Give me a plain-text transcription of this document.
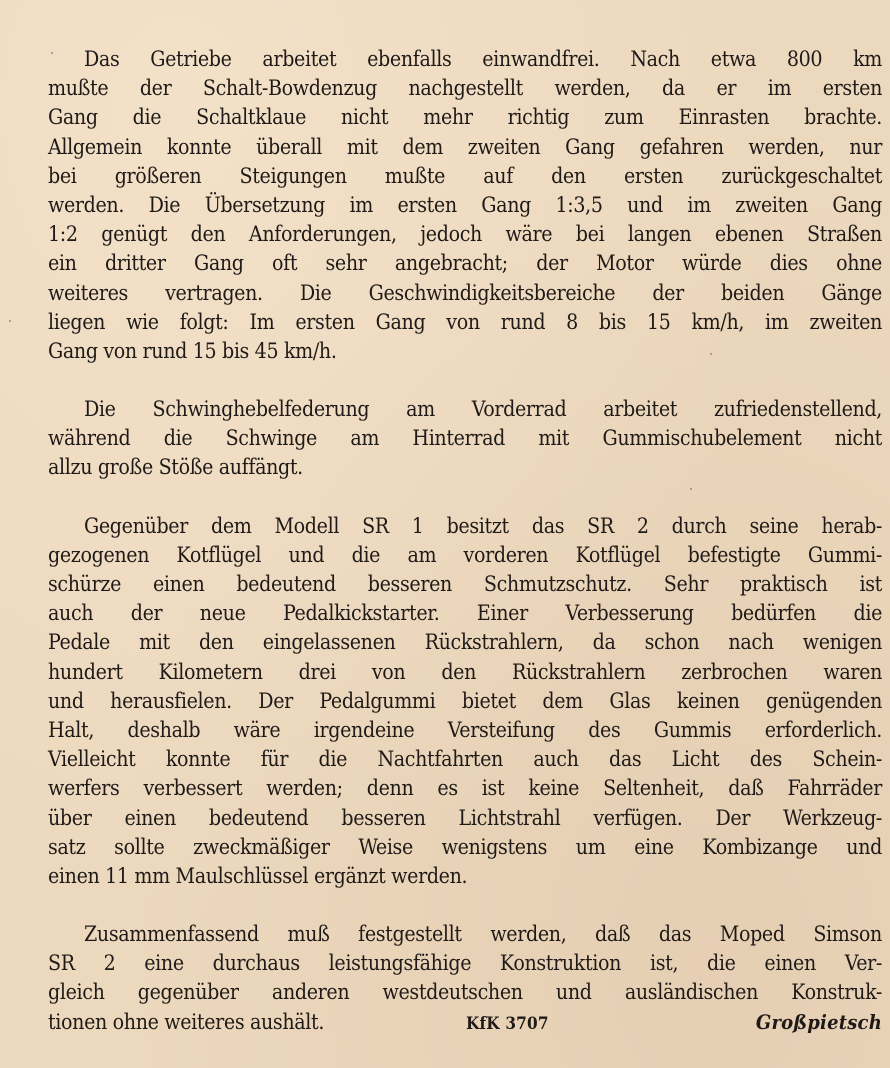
Das Getriebe arbeitet ebenfalls einwandfrei. Nach etwa 800 km
mußte der Schalt-Bowdenzug nachgestellt werden, da er im ersten
Gang die Schaltklaue nicht mehr richtig zum Einrasten brachte.
Allgemein konnte überall mit dem zweiten Gang gefahren werden, nur
bei größeren Steigungen mußte auf den ersten zurückgeschaltet
werden. Die Übersetzung im ersten Gang 1:3,5 und im zweiten Gang
1:2 genügt den Anforderungen, jedoch wäre bei langen ebenen Straßen
ein dritter Gang oft sehr angebracht; der Motor würde dies ohne
weiteres vertragen. Die Geschwindigkeitsbereiche der beiden Gänge
liegen wie folgt: Im ersten Gang von rund 8 bis 15 km/h, im zweiten
Gang von rund 15 bis 45 km/h.
Die Schwinghebelfederung am Vorderrad arbeitet zufriedenstellend,
während die Schwinge am Hinterrad mit Gummischubelement nicht
allzu große Stöße auffängt.
Gegenüber dem Modell SR 1 besitzt das SR 2 durch seine herab-
gezogenen Kotflügel und die am vorderen Kotflügel befestigte Gummi-
schürze einen bedeutend besseren Schmutzschutz. Sehr praktisch ist
auch der neue Pedalkickstarter. Einer Verbesserung bedürfen die
Pedale mit den eingelassenen Rückstrahlern, da schon nach wenigen
hundert Kilometern drei von den Rückstrahlern zerbrochen waren
und herausfielen. Der Pedalgummi bietet dem Glas keinen genügenden
Halt, deshalb wäre irgendeine Versteifung des Gummis erforderlich.
Vielleicht konnte für die Nachtfahrten auch das Licht des Schein-
werfers verbessert werden; denn es ist keine Seltenheit, daß Fahrräder
über einen bedeutend besseren Lichtstrahl verfügen. Der Werkzeug-
satz sollte zweckmäßiger Weise wenigstens um eine Kombizange und
einen 11 mm Maulschlüssel ergänzt werden.
Zusammenfassend muß festgestellt werden, daß das Moped Simson
SR 2 eine durchaus leistungsfähige Konstruktion ist, die einen Ver-
gleich gegenüber anderen westdeutschen und ausländischen Konstruk-
tionen ohne weiteres aushält.	KfK 3707	Großpietsch
